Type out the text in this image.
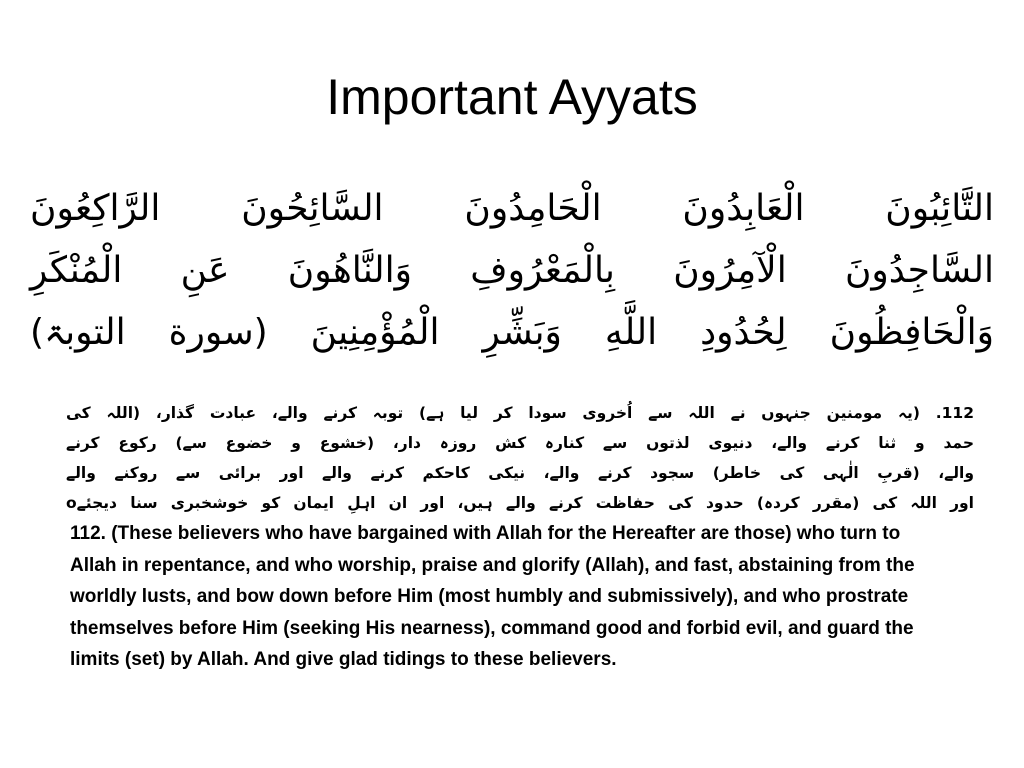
Important Ayyats
التَّائِبُونَ الْعَابِدُونَ الْحَامِدُونَ السَّائِحُونَ الرَّاكِعُونَ
السَّاجِدُونَ الْآمِرُونَ بِالْمَعْرُوفِ وَالنَّاهُونَ عَنِ الْمُنْكَرِ
وَالْحَافِظُونَ لِحُدُودِ اللَّهِ وَبَشِّرِ الْمُؤْمِنِينَ (سورة التوبۃ)
112. (یہ مومنین جنہوں نے اللہ سے اُخروی سودا کر لیا ہے) توبہ کرنے والے، عبادت گذار، (اللہ کی
حمد و ثنا کرنے والے، دنیوی لذتوں سے کنارہ کش روزہ دار، (خشوع و خضوع سے) رکوع کرنے
والے، (قربِ الٰہی کی خاطر) سجود کرنے والے، نیکی کاحکم کرنے والے اور برائی سے روکنے والے
اور اللہ کی (مقرر کردہ) حدود کی حفاظت کرنے والے ہیں، اور ان اہلِ ایمان کو خوشخبری سنا دیجئےo

112. (These believers who have bargained with Allah for the Hereafter are those) who turn to Allah in repentance, and who worship, praise and glorify (Allah), and fast, abstaining from the worldly lusts, and bow down before Him (most humbly and submissively), and who prostrate themselves before Him (seeking His nearness), command good and forbid evil, and guard the limits (set) by Allah. And give glad tidings to these believers.
